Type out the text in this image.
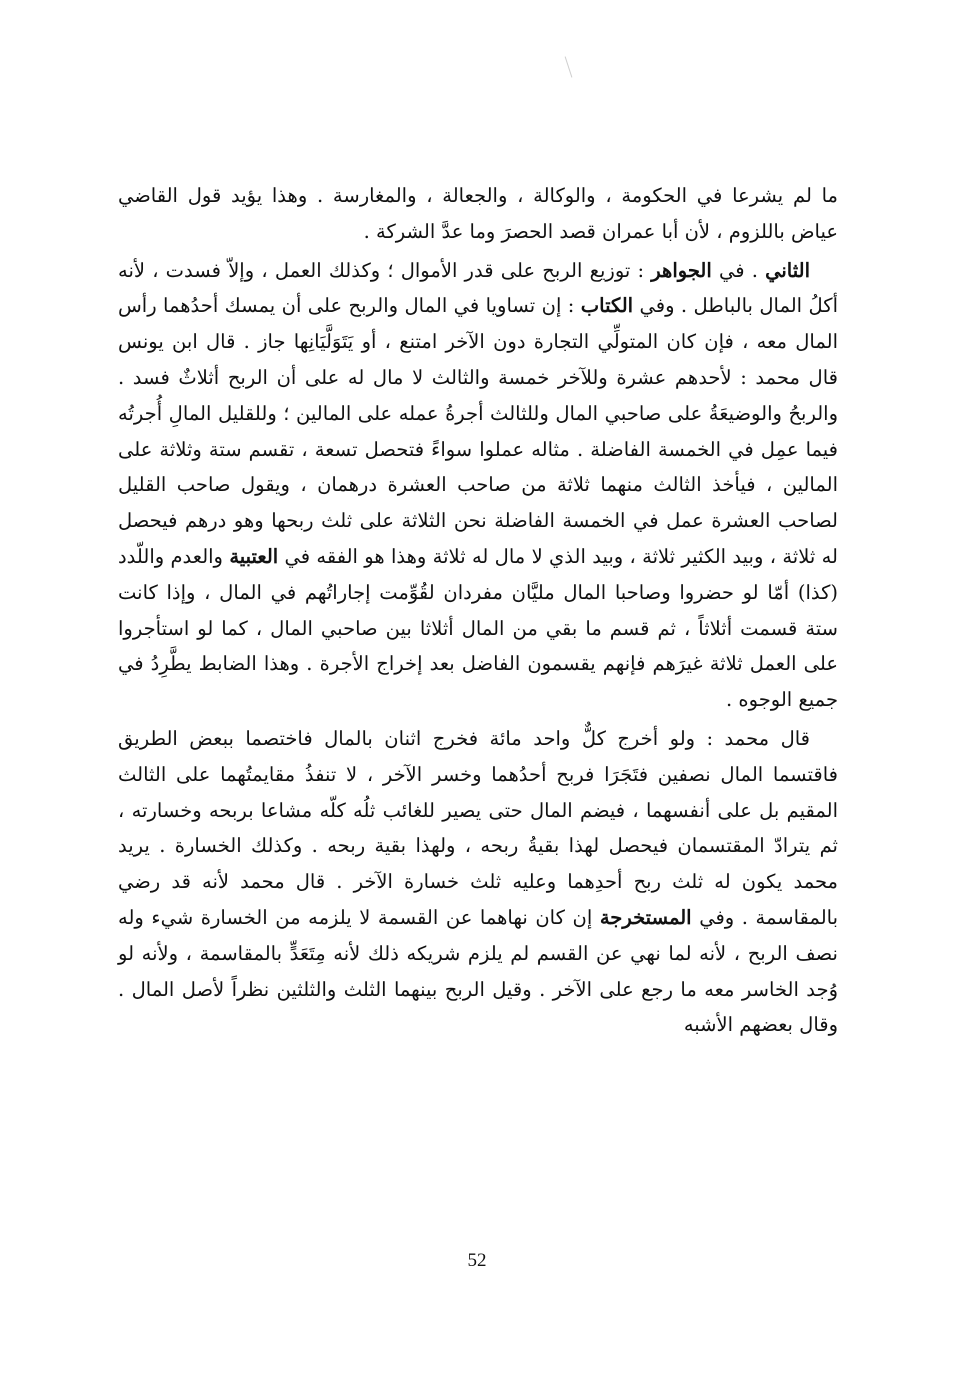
ما لم يشرعا في الحكومة ، والوكالة ، والجعالة ، والمغارسة . وهذا يؤيد قول القاضي عياض باللزوم ، لأن أبا عمران قصد الحصرَ وما عدَّ الشركة .

الثاني . في الجواهر : توزيع الربح على قدر الأموال ؛ وكذلك العمل ، وإلاّ فسدت ، لأنه أكلُ المال بالباطل . وفي الكتاب : إن تساويا في المال والربح على أن يمسك أحدُهما رأس المال معه ، فإن كان المتولِّي التجارة دون الآخر امتنع ، أو يَتَوَلَّيَانِها جاز . قال ابن يونس قال محمد : لأحدهم عشرة وللآخر خمسة والثالث لا مال له على أن الربح أثلاثٌ فسد . والربحُ والوضيعَةُ على صاحبي المال وللثالث أجرةُ عمله على المالين ؛ وللقليل المالِ أُجرتُه فيما عمِل في الخمسة الفاضلة . مثاله عملوا سواءً فتحصل تسعة ، تقسم ستة وثلاثة على المالين ، فيأخذ الثالث منهما ثلاثة من صاحب العشرة درهمان ، ويقول صاحب القليل لصاحب العشرة عمل في الخمسة الفاضلة نحن الثلاثة على ثلث ربحها وهو درهم فيحصل له ثلاثة ، وبيد الكثير ثلاثة ، وبيد الذي لا مال له ثلاثة وهذا هو الفقه في العتبية والعدم واللّدد (كذا) أمّا لو حضروا وصاحبا المال مليَّان مفردان لقُوِّمت إجاراتُهم في المال ، وإذا كانت ستة قسمت أثلاثاً ، ثم قسم ما بقي من المال أثلاثا بين صاحبي المال ، كما لو استأجروا على العمل ثلاثة غيرَهم فإنهم يقسمون الفاضل بعد إخراج الأجرة . وهذا الضابط يطَّرِدُ في جميع الوجوه .

قال محمد : ولو أخرج كلٌّ واحد مائة فخرج اثنان بالمال فاختصما ببعض الطريق فاقتسما المال نصفين فتَجَرَا فربح أحدُهما وخسر الآخر ، لا تنفذُ مقايمتُهما على الثالث المقيم بل على أنفسهما ، فيضم المال حتى يصير للغائب ثلُه كلّه مشاعا بربحه وخسارته ، ثم يترادّ المقتسمان فيحصل لهذا بقيةُ ربحه ، ولهذا بقية ربحه . وكذلك الخسارة . يريد محمد يكون له ثلث ربح أحدِهما وعليه ثلث خسارة الآخر . قال محمد لأنه قد رضي بالمقاسمة . وفي المستخرجة إن كان نهاهما عن القسمة لا يلزمه من الخسارة شيء وله نصف الربح ، لأنه لما نهي عن القسم لم يلزم شريكه ذلك لأنه مِتَعَدٍّ بالمقاسمة ، ولأنه لو وُجد الخاسر معه ما رجع على الآخر . وقيل الربح بينهما الثلث والثلثين نظراً لأصل المال . وقال بعضهم الأشبه

52
